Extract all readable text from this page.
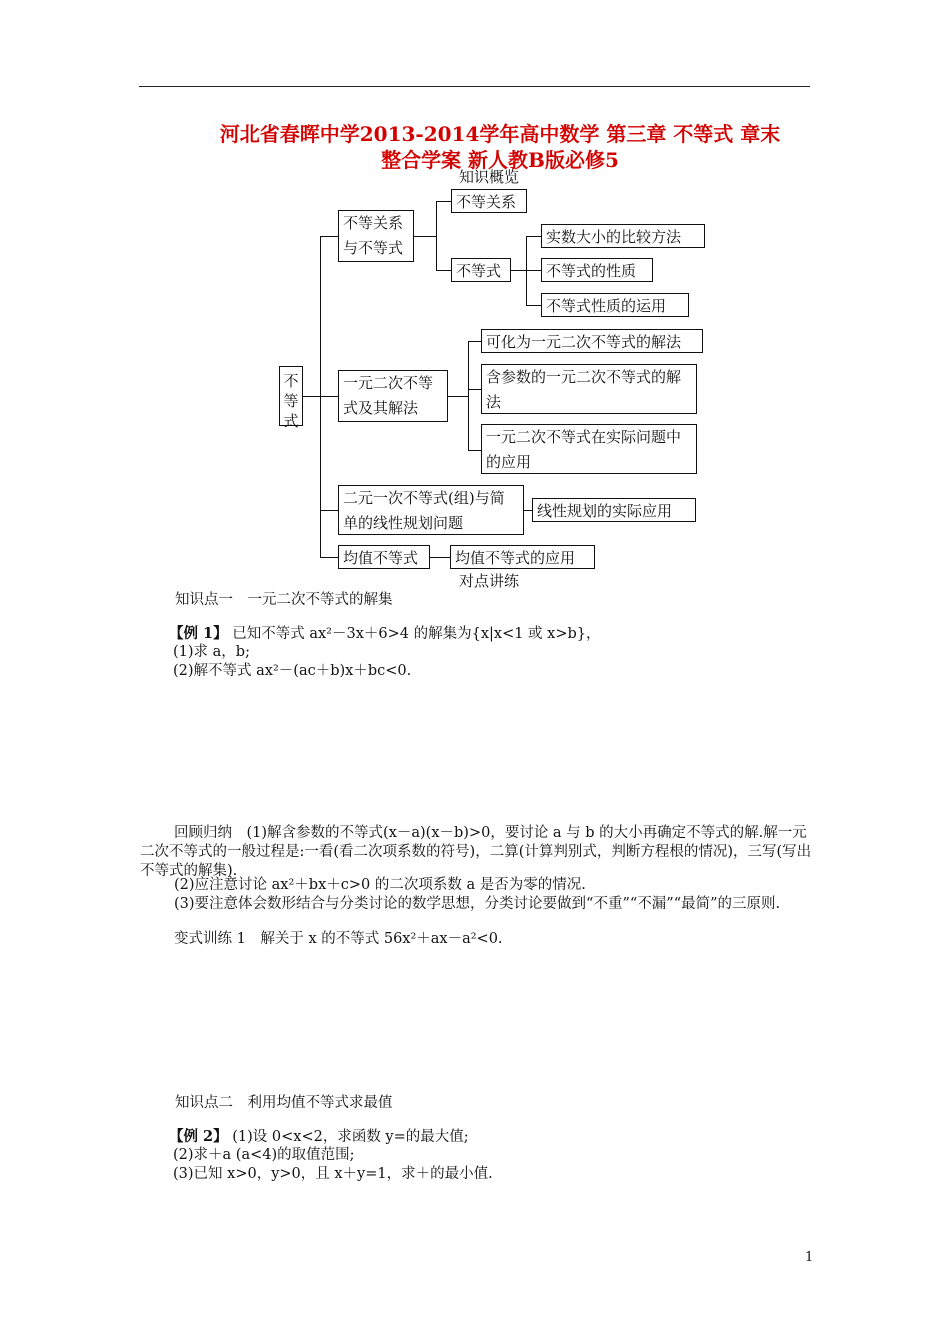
河北省春晖中学2013-2014学年高中数学 第三章 不等式 章末
整合学案 新人教B版必修5
知识概览
不等式
不等关系与不等式
不等关系
不等式
实数大小的比较方法
不等式的性质
不等式性质的运用
一元二次不等式及其解法
可化为一元二次不等式的解法
含参数的一元二次不等式的解法
一元二次不等式在实际问题中的应用
二元一次不等式(组)与简单的线性规划问题
线性规划的实际应用
均值不等式	均值不等式的应用
对点讲练
知识点一　一元二次不等式的解集
【例 1】 已知不等式 ax²－3x＋6>4 的解集为{x|x<1 或 x>b}，
(1)求 a，b;
(2)解不等式 ax²－(ac＋b)x＋bc<0.
回顾归纳　(1)解含参数的不等式(x－a)(x－b)>0，要讨论 a 与 b 的大小再确定不等式的解.解一元二次不等式的一般过程是:一看(看二次项系数的符号)，二算(计算判别式，判断方程根的情况)，三写(写出不等式的解集).
(2)应注意讨论 ax²＋bx＋c>0 的二次项系数 a 是否为零的情况.
(3)要注意体会数形结合与分类讨论的数学思想，分类讨论要做到“不重”“不漏”“最简”的三原则.
变式训练 1　解关于 x 的不等式 56x²＋ax－a²<0.
知识点二　利用均值不等式求最值
【例 2】 (1)设 0<x<2，求函数 y=的最大值;
(2)求＋a (a<4)的取值范围;
(3)已知 x>0，y>0，且 x＋y=1，求＋的最小值.
1
